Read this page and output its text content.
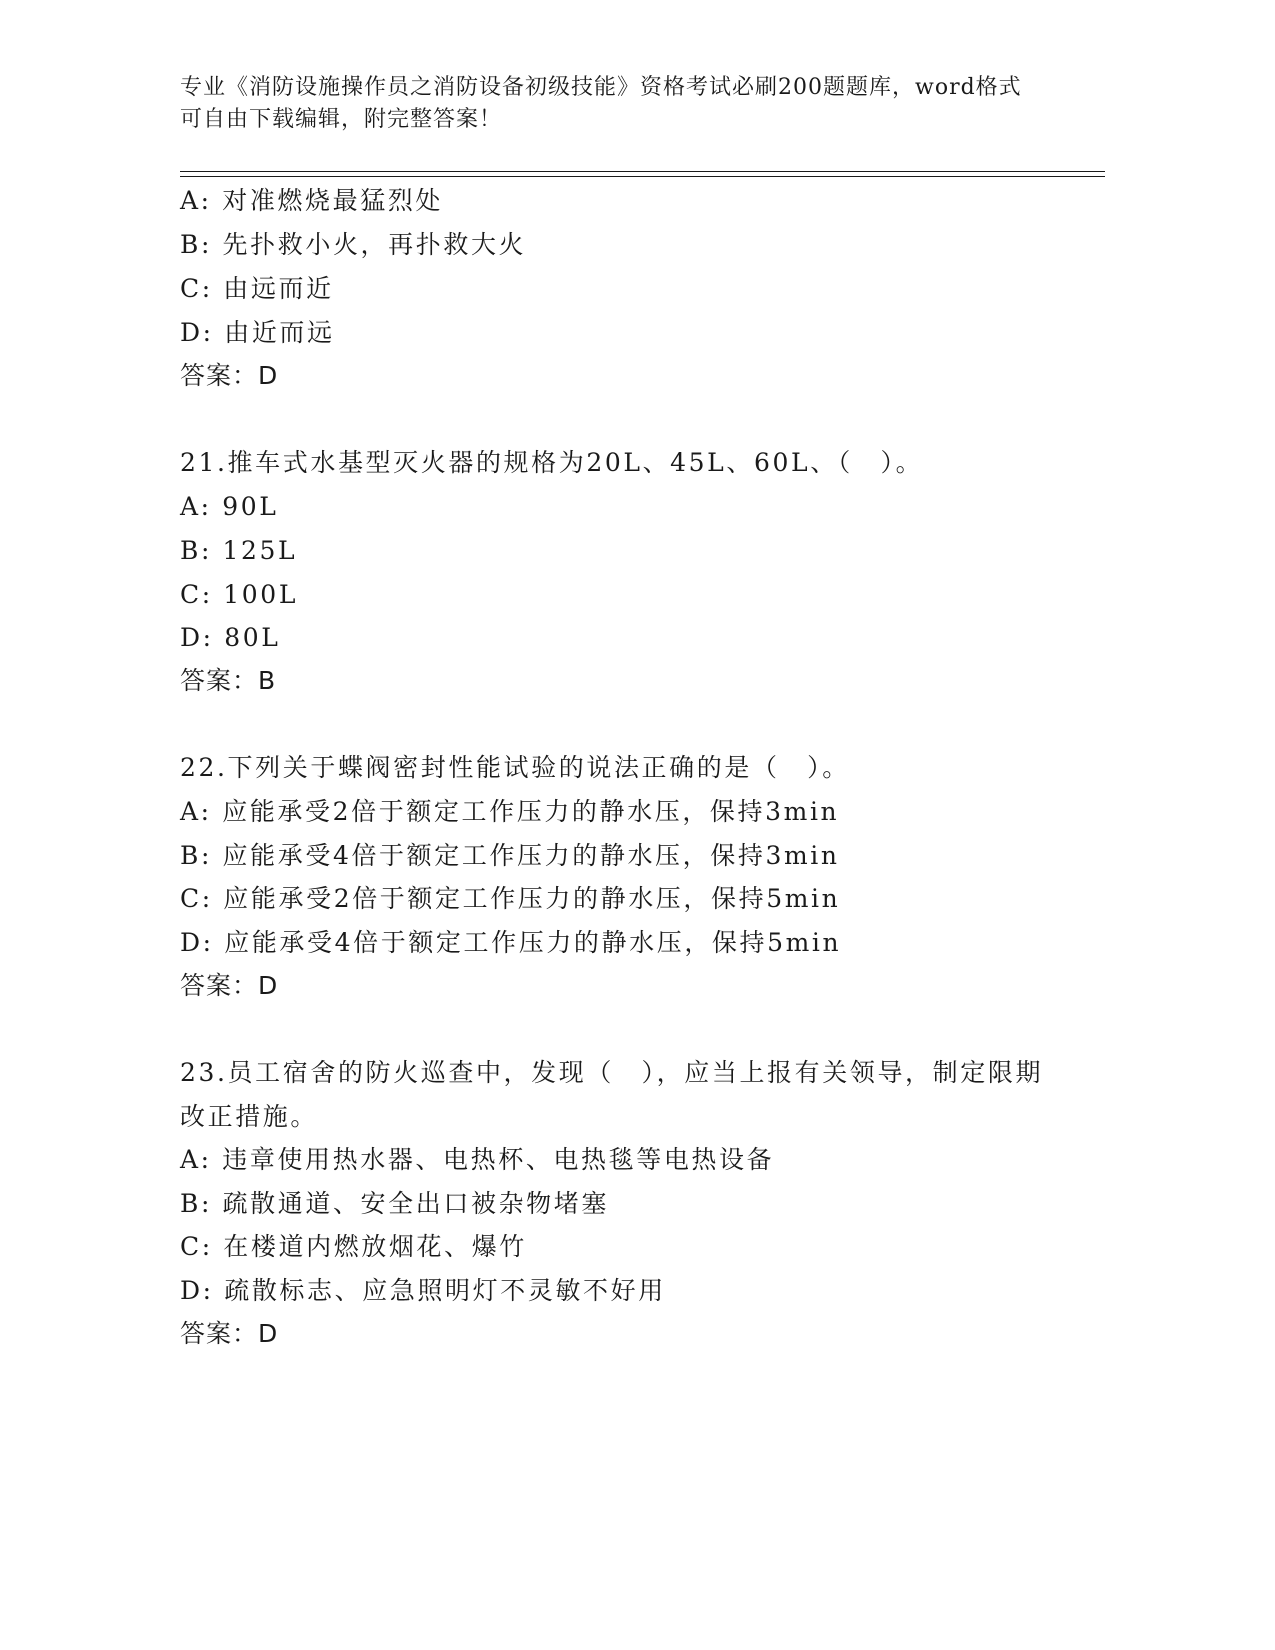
专业《消防设施操作员之消防设备初级技能》资格考试必刷200题题库，word格式可自由下载编辑，附完整答案！

A: 对准燃烧最猛烈处

B: 先扑救小火，再扑救大火

C: 由远而近

D: 由近而远

答案：D

21.推车式水基型灭火器的规格为20L、45L、60L、（　）。

A: 90L

B: 125L

C: 100L

D: 80L

答案：B

22.下列关于蝶阀密封性能试验的说法正确的是（　）。

A: 应能承受2倍于额定工作压力的静水压，保持3min

B: 应能承受4倍于额定工作压力的静水压，保持3min

C: 应能承受2倍于额定工作压力的静水压，保持5min

D: 应能承受4倍于额定工作压力的静水压，保持5min

答案：D

23.员工宿舍的防火巡查中，发现（　），应当上报有关领导，制定限期改正措施。

A: 违章使用热水器、电热杯、电热毯等电热设备

B: 疏散通道、安全出口被杂物堵塞

C: 在楼道内燃放烟花、爆竹

D: 疏散标志、应急照明灯不灵敏不好用

答案：D
